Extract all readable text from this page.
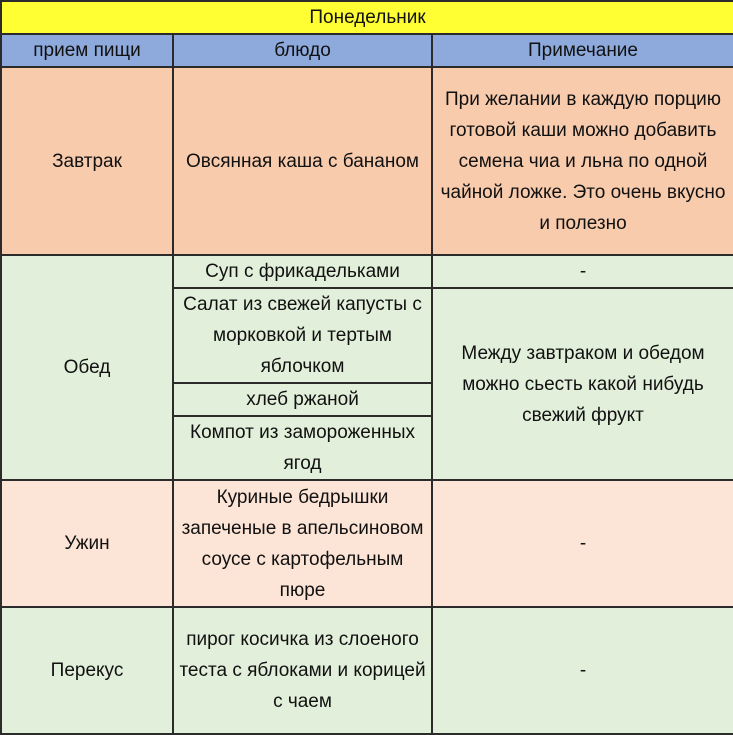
Понедельник		
прием пищи	блюдо	Примечание
Завтрак	Овсянная каша с бананом	При желании в каждую порцию готовой каши можно добавить семена чиа и льна по одной чайной ложке. Это очень вкусно и полезно
Обед	Суп с фрикадельками	-
	Салат из свежей капусты с морковкой и тертым яблочком	Между завтраком и обедом можно сьесть какой нибудь свежий фрукт
	хлеб ржаной	
	Компот из замороженных ягод	
Ужин	Куриные бедрышки запеченые в апельсиновом соусе с картофельным пюре	-
Перекус	пирог косичка из слоеного теста с яблоками и корицей с чаем	-
